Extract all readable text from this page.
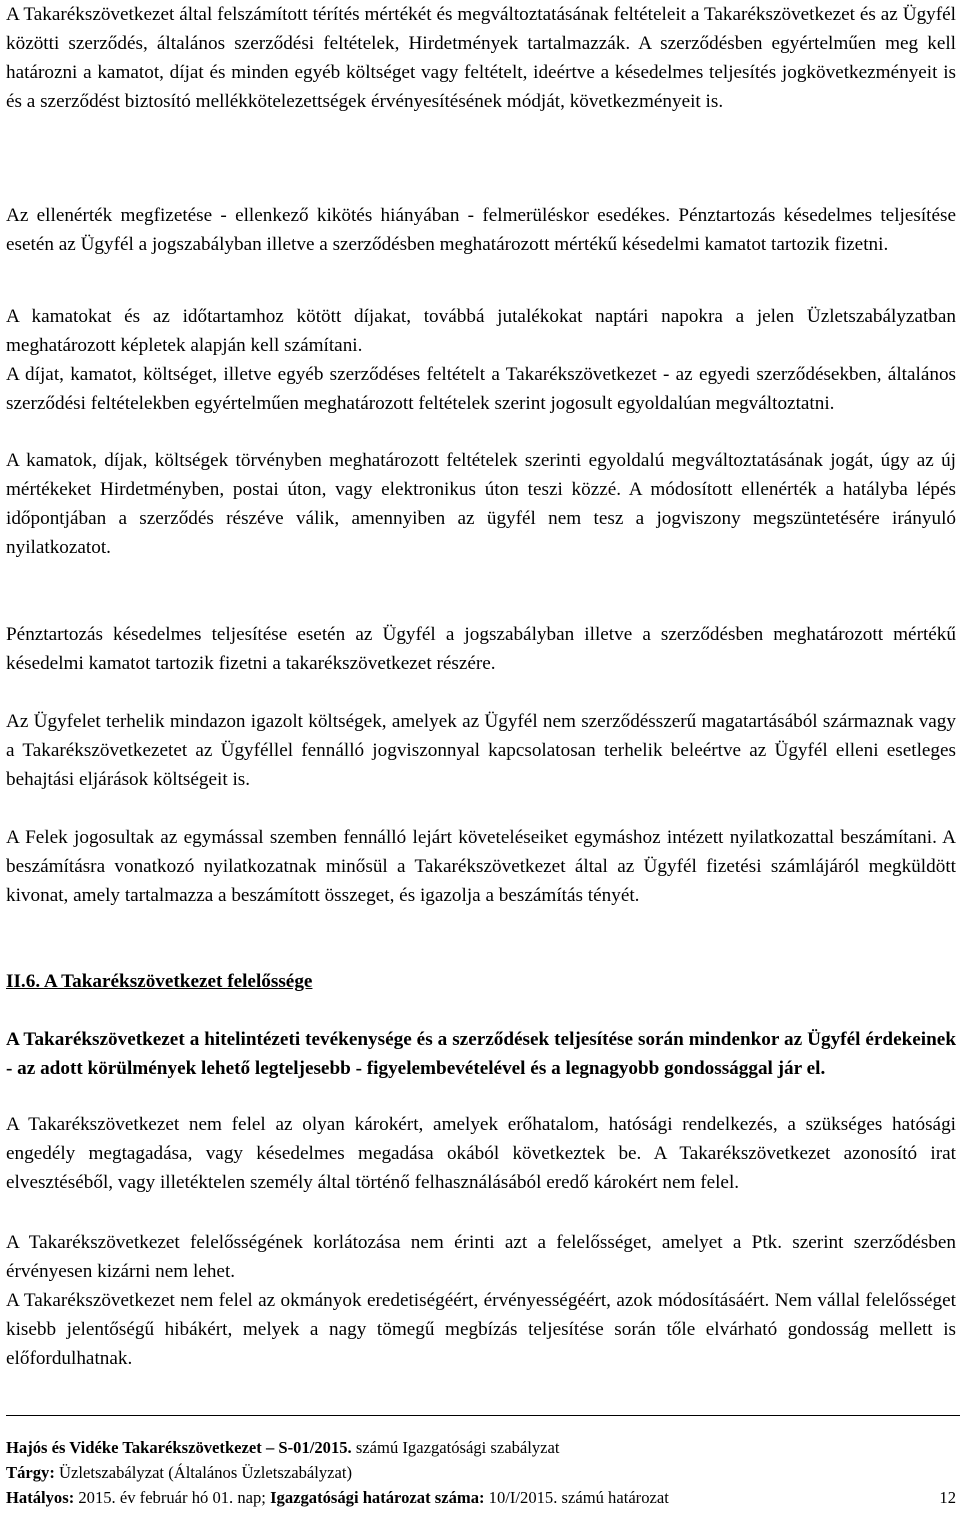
A Takarékszövetkezet által felszámított térítés mértékét és megváltoztatásának feltételeit a Takarékszövetkezet és az Ügyfél közötti szerződés, általános szerződési feltételek, Hirdetmények tartalmazzák. A szerződésben egyértelműen meg kell határozni a kamatot, díjat és minden egyéb költséget vagy feltételt, ideértve a késedelmes teljesítés jogkövetkezményeit is és a szerződést biztosító mellékkötelezettségek érvényesítésének módját, következményeit is.

Az ellenérték megfizetése - ellenkező kikötés hiányában - felmerüléskor esedékes. Pénztartozás késedelmes teljesítése esetén az Ügyfél a jogszabályban illetve a szerződésben meghatározott mértékű késedelmi kamatot tartozik fizetni.

A kamatokat és az időtartamhoz kötött díjakat, továbbá jutalékokat naptári napokra a jelen Üzletszabályzatban meghatározott képletek alapján kell számítani.

A díjat, kamatot, költséget, illetve egyéb szerződéses feltételt a Takarékszövetkezet - az egyedi szerződésekben, általános szerződési feltételekben egyértelműen meghatározott feltételek szerint jogosult egyoldalúan megváltoztatni.

A kamatok, díjak, költségek törvényben meghatározott feltételek szerinti egyoldalú megváltoztatásának jogát, úgy az új mértékeket Hirdetményben, postai úton, vagy elektronikus úton teszi közzé. A módosított ellenérték a hatályba lépés időpontjában a szerződés részéve válik, amennyiben az ügyfél nem tesz a jogviszony megszüntetésére irányuló nyilatkozatot.

Pénztartozás késedelmes teljesítése esetén az Ügyfél a jogszabályban illetve a szerződésben meghatározott mértékű késedelmi kamatot tartozik fizetni a takarékszövetkezet részére.

Az Ügyfelet terhelik mindazon igazolt költségek, amelyek az Ügyfél nem szerződésszerű magatartásából származnak vagy a Takarékszövetkezetet az Ügyféllel fennálló jogviszonnyal kapcsolatosan terhelik beleértve az Ügyfél elleni esetleges behajtási eljárások költségeit is.

A Felek jogosultak az egymással szemben fennálló lejárt követeléseiket egymáshoz intézett nyilatkozattal beszámítani. A beszámításra vonatkozó nyilatkozatnak minősül a Takarékszövetkezet által az Ügyfél fizetési számlájáról megküldött kivonat, amely tartalmazza a beszámított összeget, és igazolja a beszámítás tényét.

II.6. A Takarékszövetkezet felelőssége

A Takarékszövetkezet a hitelintézeti tevékenysége és a szerződések teljesítése során mindenkor az Ügyfél érdekeinek - az adott körülmények lehető legteljesebb - figyelembevételével és a legnagyobb gondossággal jár el.

A Takarékszövetkezet nem felel az olyan károkért, amelyek erőhatalom, hatósági rendelkezés, a szükséges hatósági engedély megtagadása, vagy késedelmes megadása okából következtek be. A Takarékszövetkezet azonosító irat elvesztéséből, vagy illetéktelen személy által történő felhasználásából eredő károkért nem felel.

A Takarékszövetkezet felelősségének korlátozása nem érinti azt a felelősséget, amelyet a Ptk. szerint szerződésben érvényesen kizárni nem lehet.

A Takarékszövetkezet nem felel az okmányok eredetiségéért, érvényességéért, azok módosításáért. Nem vállal felelősséget kisebb jelentőségű hibákért, melyek a nagy tömegű megbízás teljesítése során tőle elvárható gondosság mellett is előfordulhatnak.

Hajós és Vidéke Takarékszövetkezet – S-01/2015. számú Igazgatósági szabályzat
Tárgy: Üzletszabályzat (Általános Üzletszabályzat)
Hatályos: 2015. év február hó 01. nap; Igazgatósági határozat száma: 10/I/2015. számú határozat	12
